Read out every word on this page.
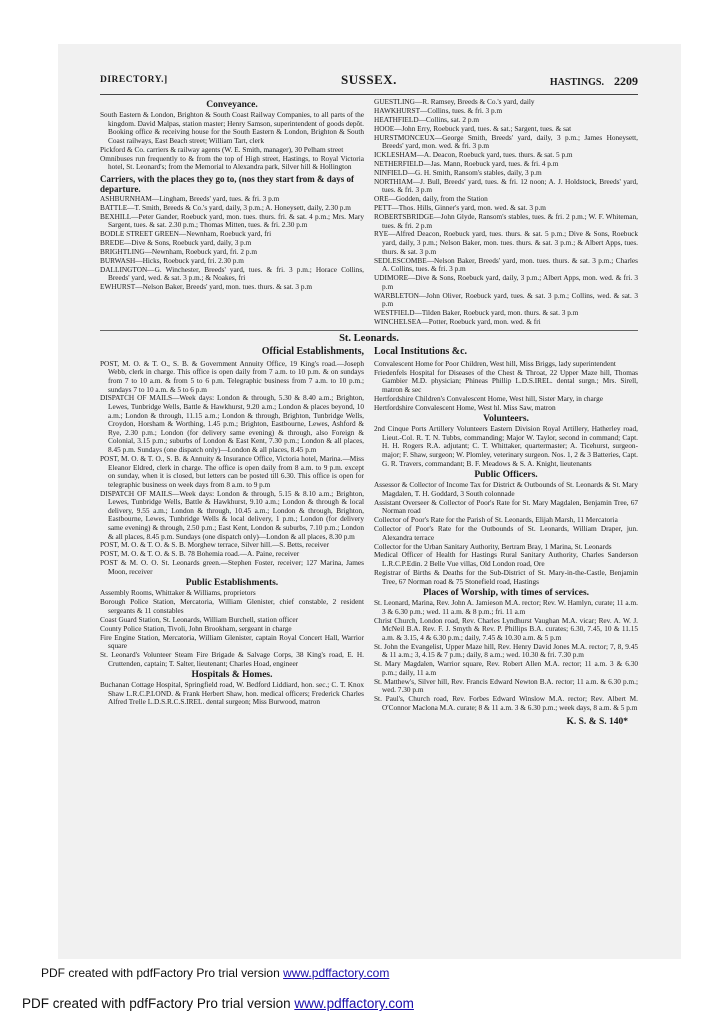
DIRECTORY.]	SUSSEX.	HASTINGS. 2209
Conveyance.
South Eastern & London, Brighton & South Coast Railway Companies, to all parts of the kingdom. David Malpas, station master; Henry Samson, superintendent of goods depôt. Booking office & receiving house for the South Eastern & London, Brighton & South Coast railways, East Beach street; William Tart, clerk
Pickford & Co. carriers & railway agents (W. E. Smith, manager), 30 Pelham street
Omnibuses run frequently to & from the top of High street, Hastings, to Royal Victoria hotel, St. Leonard's; from the Memorial to Alexandra park, Silver hill & Hollington
Carriers, with the places they go to, (nos they start from & days of departure.
ASHBURNHAM—Lingham, Breeds' yard, tues. & fri. 3 p.m
BATTLE—T. Smith, Breeds & Co.'s yard, daily, 3 p.m.; A. Honeysett, daily, 2.30 p.m
BEXHILL—Peter Gander, Roebuck yard, mon. tues. thurs. fri. & sat. 4 p.m.; Mrs. Mary Sargent, tues. & sat. 2.30 p.m.; Thomas Mitten, tues. & fri. 2.30 p.m
BODLE STREET GREEN—Newnham, Roebuck yard, fri
BREDE—Dive & Sons, Roebuck yard, daily, 3 p.m
BRIGHTLING—Newnham, Roebuck yard, fri. 2 p.m
BURWASH—Hicks, Roebuck yard, fri. 2.30 p.m
DALLINGTON—G. Winchester, Breeds' yard, tues. & fri. 3 p.m.; Horace Collins, Breeds' yard, wed. & sat. 3 p.m.; & Noakes, fri
EWHURST—Nelson Baker, Breeds' yard, mon. tues. thurs. & sat. 3 p.m
GUESTLING—R. Ramsey, Breeds & Co.'s yard, daily
HAWKHURST—Collins, tues. & fri. 3 p.m
HEATHFIELD—Collins, sat. 2 p.m
HOOE—John Erry, Roebuck yard, tues. & sat.; Sargent, tues. & sat
HURSTMONCEUX—George Smith, Breeds' yard, daily, 3 p.m.; James Honeysett, Breeds' yard, mon. wed. & fri. 3 p.m
ICKLESHAM—A. Deacon, Roebuck yard, tues. thurs. & sat. 5 p.m
NETHERFIELD—Jas. Mann, Roebuck yard, tues. & fri. 4 p.m
NINFIELD—G. H. Smith, Ransom's stables, daily, 3 p.m
NORTHIAM—J. Bull, Breeds' yard, tues. & fri. 12 noon; A. J. Holdstock, Breeds' yard, tues. & fri. 3 p.m
ORE—Godden, daily, from the Station
PETT—Thos. Hills, Ginner's yard, mon. wed. & sat. 3 p.m
ROBERTSBRIDGE—John Glyde, Ransom's stables, tues. & fri. 2 p.m.; W. F. Whiteman, tues. & fri. 2 p.m
RYE—Alfred Deacon, Roebuck yard, tues. thurs. & sat. 5 p.m.; Dive & Sons, Roebuck yard, daily, 3 p.m.; Nelson Baker, mon. tues. thurs. & sat. 3 p.m.; & Albert Apps, tues. thurs. & sat. 3 p.m
SEDLESCOMBE—Nelson Baker, Breeds' yard, mon. tues. thurs. & sat. 3 p.m.; Charles A. Collins, tues. & fri. 3 p.m
UDIMORE—Dive & Sons, Roebuck yard, daily, 3 p.m.; Albert Apps, mon. wed. & fri. 3 p.m
WARBLETON—John Oliver, Roebuck yard, tues. & sat. 3 p.m.; Collins, wed. & sat. 3 p.m
WESTFIELD—Tilden Baker, Roebuck yard, mon. thurs. & sat. 3 p.m
WINCHELSEA—Potter, Roebuck yard, mon. wed. & fri
St. Leonards.
Official Establishments, Local Institutions &c.
POST, M. O. & T. O., S. B. & Government Annuity Office, 19 King's road.—Joseph Webb, clerk in charge. This office is open daily from 7 a.m. to 10 p.m. & on sundays from 7 to 10 a.m. & from 5 to 6 p.m. Telegraphic business from 7 a.m. to 10 p.m.; sundays 7 to 10 a.m. & 5 to 6 p.m
DISPATCH OF MAILS—Week days: London & through, 5.30 & 8.40 a.m.; Brighton, Lewes, Tunbridge Wells, Battle & Hawkhurst, 9.20 a.m.; London & places beyond, 10 a.m.; London & through, 11.15 a.m.; London & through, Brighton, Tunbridge Wells, Croydon, Horsham & Worthing, 1.45 p.m.; Brighton, Eastbourne, Lewes, Ashford & Rye, 2.30 p.m.; London (for delivery same evening) & through, also Foreign & Colonial, 3.15 p.m.; suburbs of London & East Kent, 7.30 p.m.; London & all places, 8.45 p.m. Sundays (one dispatch only)—London & all places, 8.45 p.m
POST, M. O. & T. O., S. B. & Annuity & Insurance Office, Victoria hotel, Marina.—Miss Eleanor Eldred, clerk in charge. The office is open daily from 8 a.m. to 9 p.m. except on sunday, when it is closed, but letters can be posted till 6.30. This office is open for telegraphic business on week days from 8 a.m. to 9 p.m
DISPATCH OF MAILS—Week days: London & through, 5.15 & 8.10 a.m.; Brighton, Lewes, Tunbridge Wells, Battle & Hawkhurst, 9.10 a.m.; London & through & local delivery, 9.55 a.m.; London & through, 10.45 a.m.; London & through, Brighton, Eastbourne, Lewes, Tunbridge Wells & local delivery, 1 p.m.; London (for delivery same evening) & through, 2.50 p.m.; East Kent, London & suburbs, 7.10 p.m.; London & all places, 8.45 p.m. Sundays (one dispatch only)—London & all places, 8.30 p.m
POST, M. O. & T. O. & S. B. Morghew terrace, Silver hill.—S. Betts, receiver
POST, M. O. & T. O. & S. B. 78 Bohemia road.—A. Paine, receiver
POST & M. O. O. St. Leonards green.—Stephen Foster, receiver; 127 Marina, James Moon, receiver
Public Establishments.
Assembly Rooms, Whittaker & Williams, proprietors
Borough Police Station, Mercatoria, William Glenister, chief constable, 2 resident sergeants & 11 constables
Coast Guard Station, St. Leonards, William Burchell, station officer
County Police Station, Tivoli, John Brookham, sergeant in charge
Fire Engine Station, Mercatoria, William Glenister, captain Royal Concert Hall, Warrior square
St. Leonard's Volunteer Steam Fire Brigade & Salvage Corps, 38 King's road, E. H. Cruttenden, captain; T. Salter, lieutenant; Charles Hoad, engineer
Hospitals & Homes.
Buchanan Cottage Hospital, Springfield road, W. Bedford Liddiard, hon. sec.; C. T. Knox Shaw L.R.C.P.LOND. & Frank Herbert Shaw, hon. medical officers; Frederick Charles Alfred Trelle L.D.S.R.C.S.IREL. dental surgeon; Miss Burwood, matron
Convalescent Home for Poor Children, West hill, Miss Briggs, lady superintendent
Friedenfels Hospital for Diseases of the Chest & Throat, 22 Upper Maze hill, Thomas Gambier M.D. physician; Phineas Phillip L.D.S.IREL. dental surgn.; Mrs. Sirell, matron & sec
Hertfordshire Children's Convalescent Home, West hill, Sister Mary, in charge
Hertfordshire Convalescent Home, West hl. Miss Saw, matron
Volunteers.
2nd Cinque Ports Artillery Volunteers Eastern Division Royal Artillery, Hatherley road, Lieut.-Col. R. T. N. Tubbs, commanding; Major W. Taylor, second in command; Capt. H. H. Rogers R.A. adjutant; C. T. Whittaker, quartermaster; A. Ticehurst, surgeon-major; F. Shaw, surgeon; W. Plomley, veterinary surgeon. Nos. 1, 2 & 3 Batteries, Capt. G. R. Travers, commandant; B. F. Meadows & S. A. Knight, lieutenants
Public Officers.
Assessor & Collector of Income Tax for District & Outbounds of St. Leonards & St. Mary Magdalen, T. H. Goddard, 3 South colonnade
Assistant Overseer & Collector of Poor's Rate for St. Mary Magdalen, Benjamin Tree, 67 Norman road
Collector of Poor's Rate for the Parish of St. Leonards, Elijah Marsh, 11 Mercatoria
Collector of Poor's Rate for the Outbounds of St. Leonards, William Draper, jun. Alexandra terrace
Collector for the Urban Sanitary Authority, Bertram Bray, 1 Marina, St. Leonards
Medical Officer of Health for Hastings Rural Sanitary Authority, Charles Sanderson L.R.C.P.Edin. 2 Belle Vue villas, Old London road, Ore
Registrar of Births & Deaths for the Sub-District of St. Mary-in-the-Castle, Benjamin Tree, 67 Norman road & 75 Stonefield road, Hastings
Places of Worship, with times of services.
St. Leonard, Marina, Rev. John A. Jamieson M.A. rector; Rev. W. Hamlyn, curate; 11 a.m. 3 & 6.30 p.m.; wed. 11 a.m. & 8 p.m.; fri. 11 a.m
Christ Church, London road, Rev. Charles Lyndhurst Vaughan M.A. vicar; Rev. A. W. J. McNeil B.A. Rev. F. J. Smyth & Rev. P. Phillips B.A. curates; 6.30, 7.45, 10 & 11.15 a.m. & 3.15, 4 & 6.30 p.m.; daily, 7.45 & 10.30 a.m. & 5 p.m
St. John the Evangelist, Upper Maze hill, Rev. Henry David Jones M.A. rector; 7, 8, 9.45 & 11 a.m.; 3, 4.15 & 7 p.m.; daily, 8 a.m.; wed. 10.30 & fri. 7.30 p.m
St. Mary Magdalen, Warrior square, Rev. Robert Allen M.A. rector; 11 a.m. 3 & 6.30 p.m.; daily, 11 a.m
St. Matthew's, Silver hill, Rev. Francis Edward Newton B.A. rector; 11 a.m. & 6.30 p.m.; wed. 7.30 p.m
St. Paul's, Church road, Rev. Forbes Edward Winslow M.A. rector; Rev. Albert M. O'Connor Maclona M.A. curate; 8 & 11 a.m. 3 & 6.30 p.m.; week days, 8 a.m. & 5 p.m
K. S. & S. 140*
PDF created with pdfFactory Pro trial version www.pdffactory.com
PDF created with pdfFactory Pro trial version www.pdffactory.com
